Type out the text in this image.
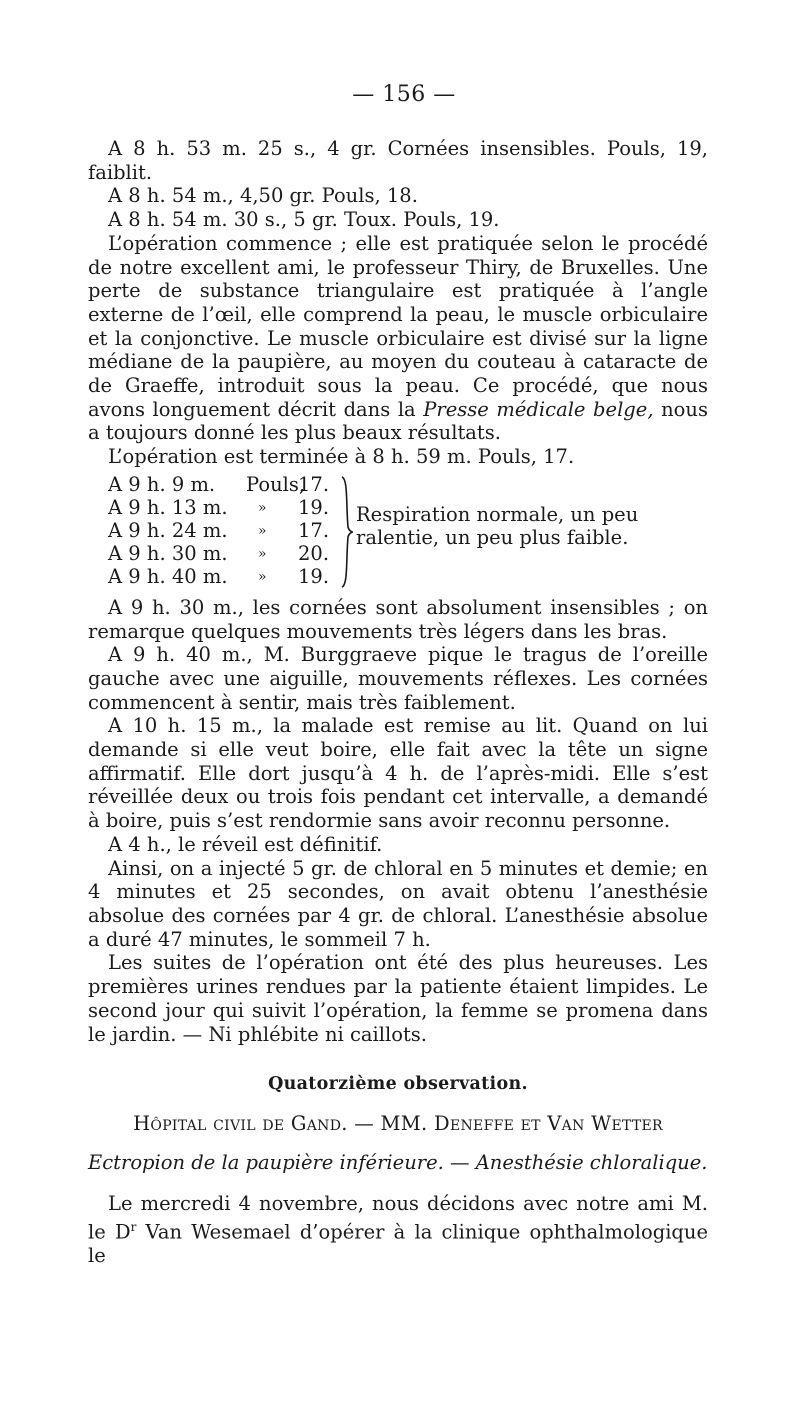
— 156 —

A 8 h. 53 m. 25 s., 4 gr. Cornées insensibles. Pouls, 19, faiblit.

A 8 h. 54 m., 4,50 gr. Pouls, 18.

A 8 h. 54 m. 30 s., 5 gr. Toux. Pouls, 19.

L’opération commence ; elle est pratiquée selon le procédé de notre excellent ami, le professeur Thiry, de Bruxelles. Une perte de substance triangulaire est pratiquée à l’angle externe de l’œil, elle comprend la peau, le muscle orbiculaire et la conjonctive. Le muscle orbiculaire est divisé sur la ligne médiane de la paupière, au moyen du couteau à cataracte de de Graeffe, introduit sous la peau. Ce procédé, que nous avons longuement décrit dans la Presse médicale belge, nous a toujours donné les plus beaux résultats.

L’opération est terminée à 8 h. 59 m. Pouls, 17.

A 9 h. 9 m. Pouls,
17.
A 9 h. 13 m. » 19.
A 9 h. 24 m. » 17.
A 9 h. 30 m. » 20.
A 9 h. 40 m. » 19.
Respiration normale, un peu ralentie, un peu plus faible.

A 9 h. 30 m., les cornées sont absolument insensibles ; on remarque quelques mouvements très légers dans les bras.

A 9 h. 40 m., M. Burggraeve pique le tragus de l’oreille gauche avec une aiguille, mouvements réflexes. Les cornées commencent à sentir, mais très faiblement.

A 10 h. 15 m., la malade est remise au lit. Quand on lui demande si elle veut boire, elle fait avec la tête un signe affirmatif. Elle dort jusqu’à 4 h. de l’après-midi. Elle s’est réveillée deux ou trois fois pendant cet intervalle, a demandé à boire, puis s’est rendormie sans avoir reconnu personne.

A 4 h., le réveil est définitif.

Ainsi, on a injecté 5 gr. de chloral en 5 minutes et demie; en 4 minutes et 25 secondes, on avait obtenu l’anesthésie absolue des cornées par 4 gr. de chloral. L’anesthésie absolue a duré 47 minutes, le sommeil 7 h.

Les suites de l’opération ont été des plus heureuses. Les premières urines rendues par la patiente étaient limpides. Le second jour qui suivit l’opération, la femme se promena dans le jardin. — Ni phlébite ni caillots.

Quatorzième observation.
Hôpital civil de Gand. — MM. Deneffe et Van Wetter
Ectropion de la paupière inférieure. — Anesthésie chloralique.

Le mercredi 4 novembre, nous décidons avec notre ami M. le $D^r$ Van Wesemael d’opérer à la clinique ophthalmologique le
